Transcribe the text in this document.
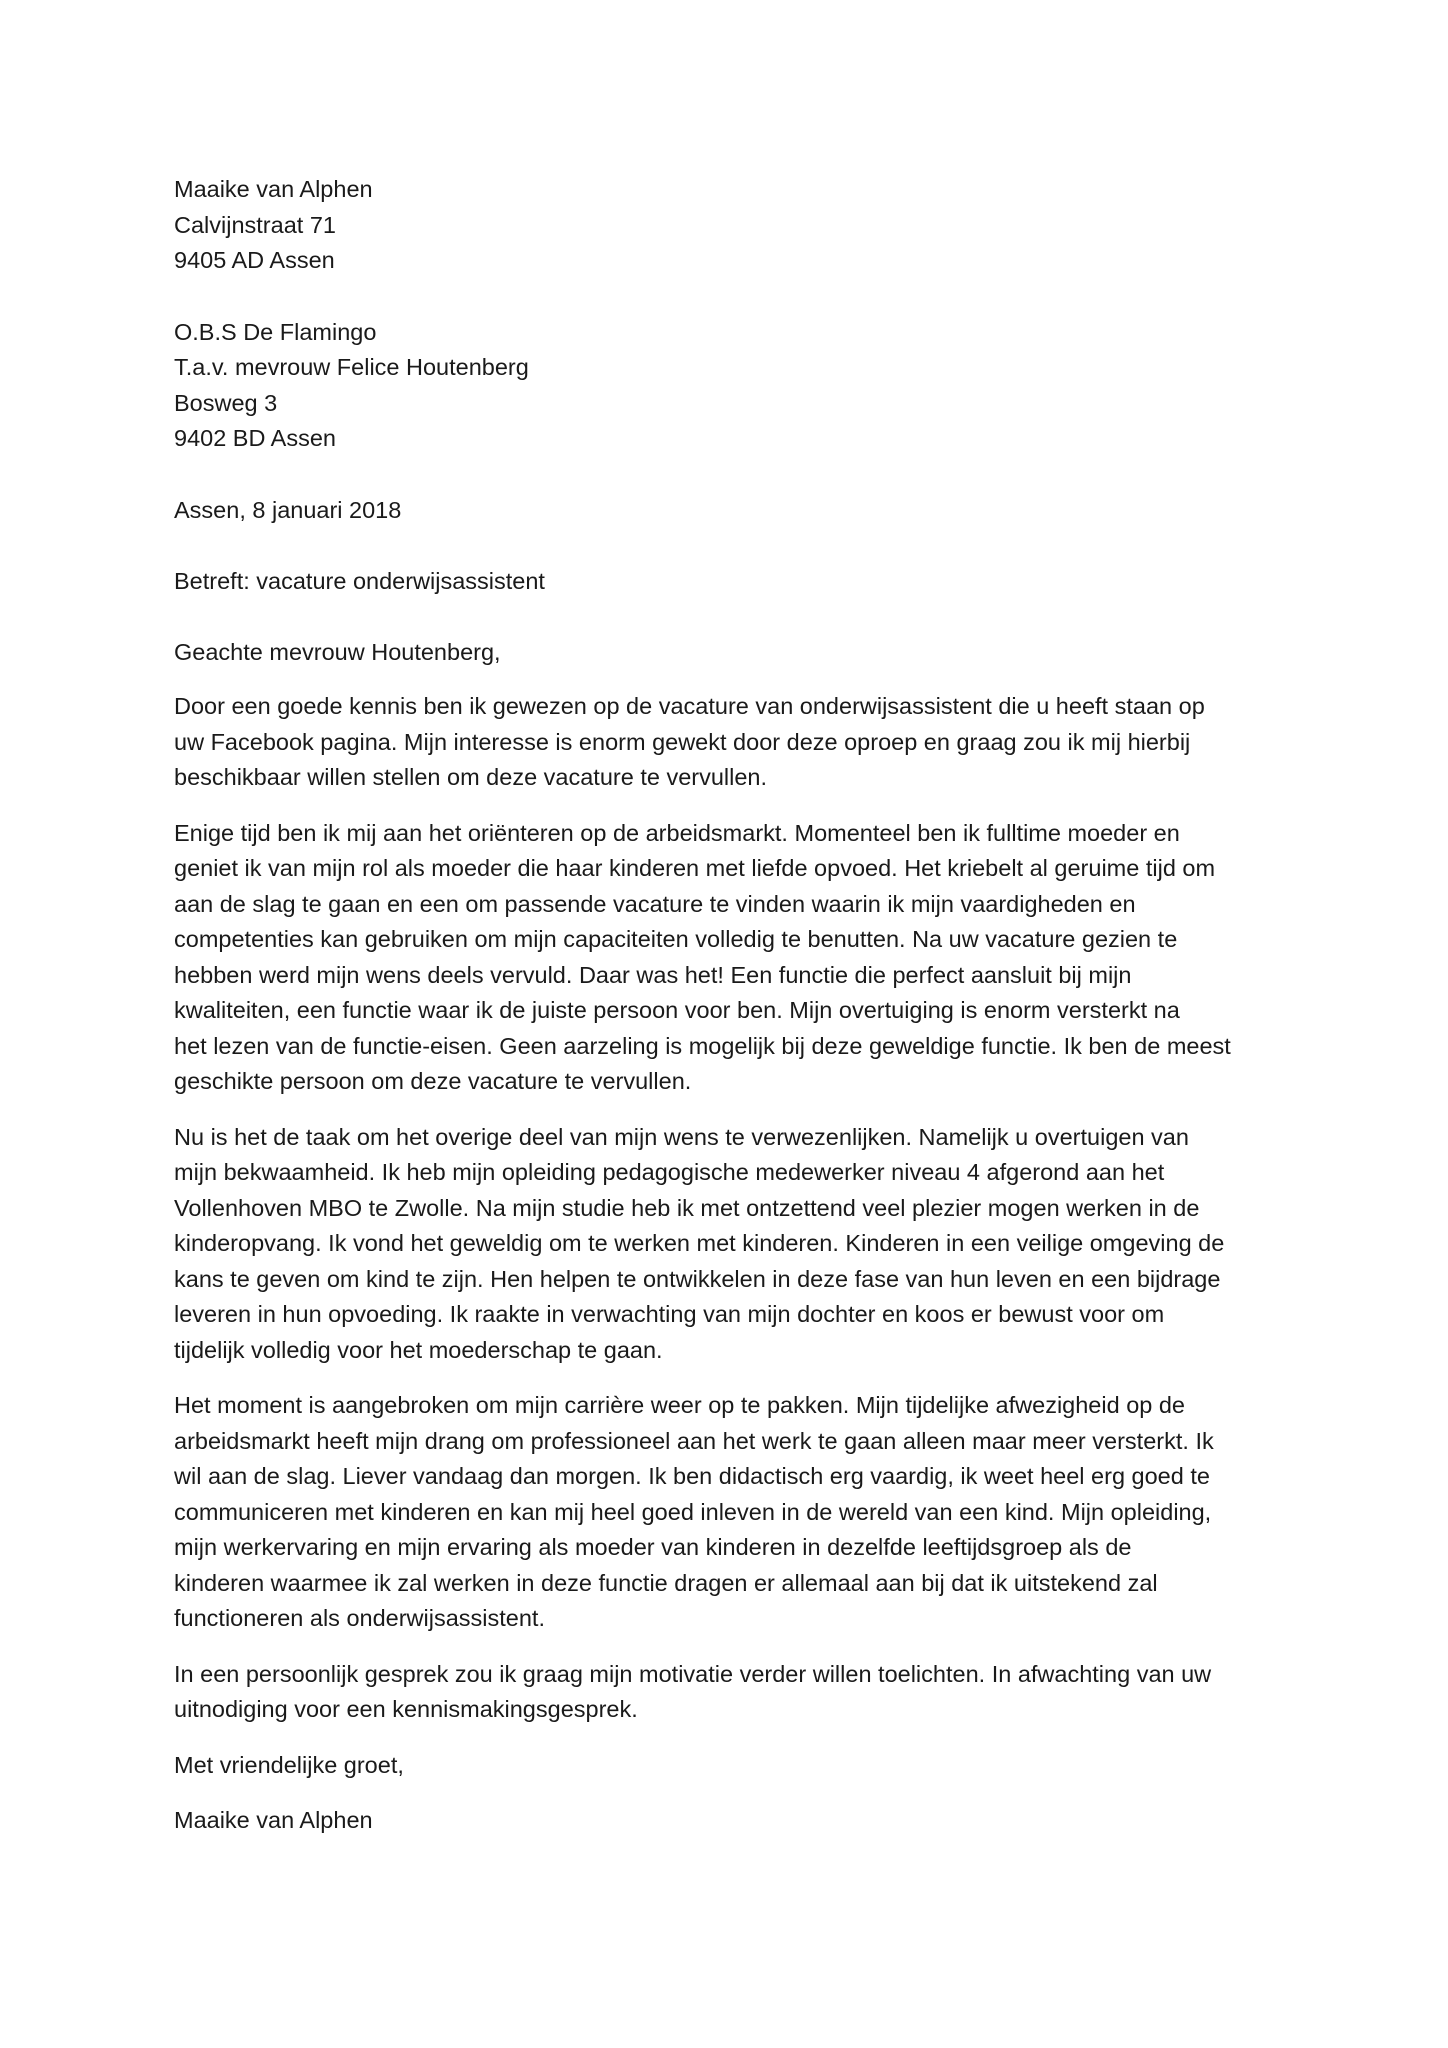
Maaike van Alphen
Calvijnstraat 71
9405 AD Assen
O.B.S De Flamingo
T.a.v. mevrouw Felice Houtenberg
Bosweg 3
9402 BD Assen
Assen, 8 januari 2018
Betreft: vacature onderwijsassistent
Geachte mevrouw Houtenberg,
Door een goede kennis ben ik gewezen op de vacature van onderwijsassistent die u heeft staan op
uw Facebook pagina. Mijn interesse is enorm gewekt door deze oproep en graag zou ik mij hierbij
beschikbaar willen stellen om deze vacature te vervullen.
Enige tijd ben ik mij aan het oriënteren op de arbeidsmarkt. Momenteel ben ik fulltime moeder en
geniet ik van mijn rol als moeder die haar kinderen met liefde opvoed. Het kriebelt al geruime tijd om
aan de slag te gaan en een om passende vacature te vinden waarin ik mijn vaardigheden en
competenties kan gebruiken om mijn capaciteiten volledig te benutten. Na uw vacature gezien te
hebben werd mijn wens deels vervuld. Daar was het! Een functie die perfect aansluit bij mijn
kwaliteiten, een functie waar ik de juiste persoon voor ben. Mijn overtuiging is enorm versterkt na
het lezen van de functie-eisen. Geen aarzeling is mogelijk bij deze geweldige functie. Ik ben de meest
geschikte persoon om deze vacature te vervullen.
Nu is het de taak om het overige deel van mijn wens te verwezenlijken. Namelijk u overtuigen van
mijn bekwaamheid. Ik heb mijn opleiding pedagogische medewerker niveau 4 afgerond aan het
Vollenhoven MBO te Zwolle. Na mijn studie heb ik met ontzettend veel plezier mogen werken in de
kinderopvang. Ik vond het geweldig om te werken met kinderen. Kinderen in een veilige omgeving de
kans te geven om kind te zijn. Hen helpen te ontwikkelen in deze fase van hun leven en een bijdrage
leveren in hun opvoeding. Ik raakte in verwachting van mijn dochter en koos er bewust voor om
tijdelijk volledig voor het moederschap te gaan.
Het moment is aangebroken om mijn carrière weer op te pakken. Mijn tijdelijke afwezigheid op de
arbeidsmarkt heeft mijn drang om professioneel aan het werk te gaan alleen maar meer versterkt. Ik
wil aan de slag. Liever vandaag dan morgen. Ik ben didactisch erg vaardig, ik weet heel erg goed te
communiceren met kinderen en kan mij heel goed inleven in de wereld van een kind. Mijn opleiding,
mijn werkervaring en mijn ervaring als moeder van kinderen in dezelfde leeftijdsgroep als de
kinderen waarmee ik zal werken in deze functie dragen er allemaal aan bij dat ik uitstekend zal
functioneren als onderwijsassistent.
In een persoonlijk gesprek zou ik graag mijn motivatie verder willen toelichten. In afwachting van uw
uitnodiging voor een kennismakingsgesprek.
Met vriendelijke groet,
Maaike van Alphen
